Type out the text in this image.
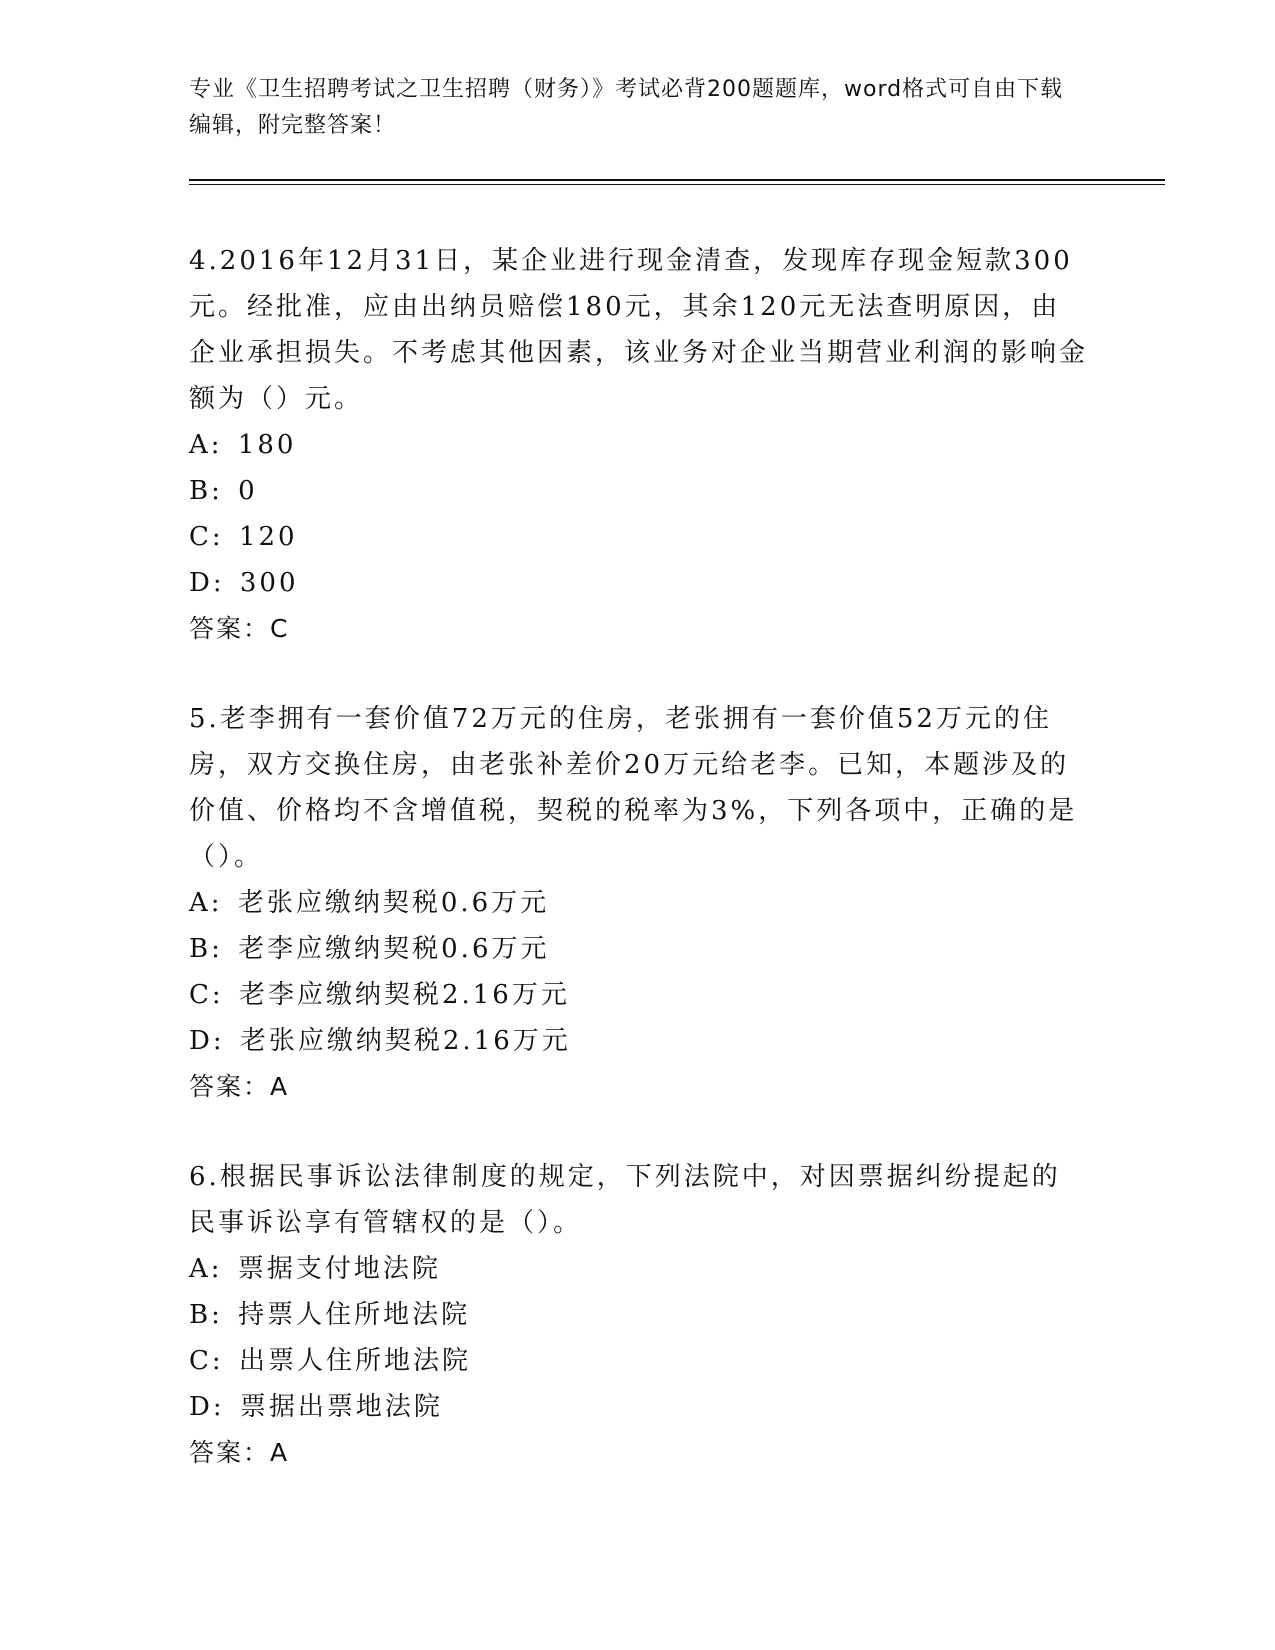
专业《卫生招聘考试之卫生招聘（财务）》考试必背200题题库，word格式可自由下载编辑，附完整答案！

4.2016年12月31日，某企业进行现金清查，发现库存现金短款300元。经批准，应由出纳员赔偿180元，其余120元无法查明原因，由企业承担损失。不考虑其他因素，该业务对企业当期营业利润的影响金额为（）元。

A: 180
B: 0
C: 120
D: 300

答案：C

5.老李拥有一套价值72万元的住房，老张拥有一套价值52万元的住房，双方交换住房，由老张补差价20万元给老李。已知，本题涉及的价值、价格均不含增值税，契税的税率为3%，下列各项中，正确的是（）。

A: 老张应缴纳契税0.6万元
B: 老李应缴纳契税0.6万元
C: 老李应缴纳契税2.16万元
D: 老张应缴纳契税2.16万元

答案：A

6.根据民事诉讼法律制度的规定，下列法院中，对因票据纠纷提起的民事诉讼享有管辖权的是（）。

A: 票据支付地法院
B: 持票人住所地法院
C: 出票人住所地法院
D: 票据出票地法院

答案：A
